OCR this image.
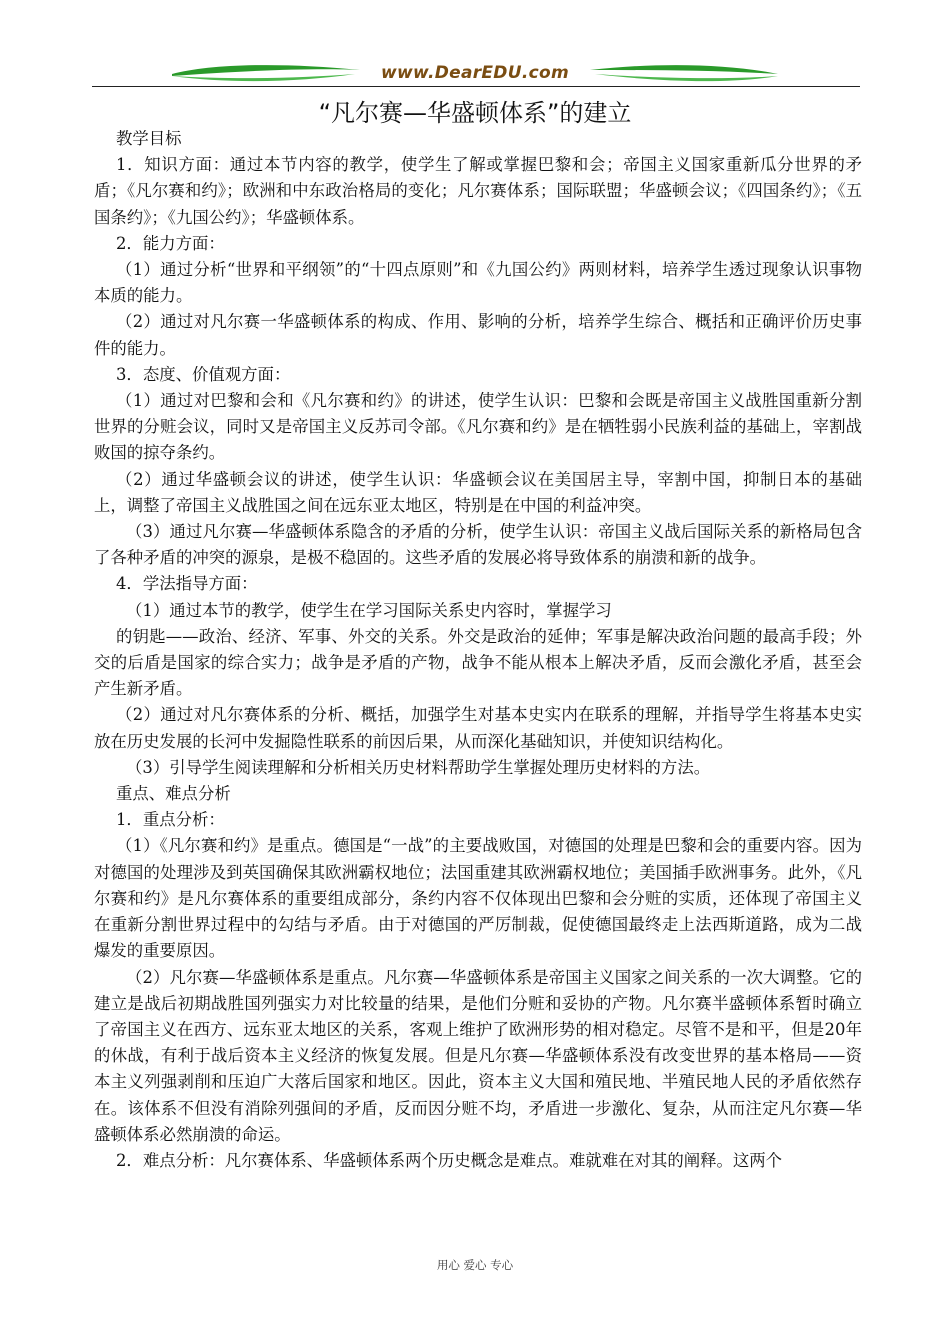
www.DearEDU.com
“凡尔赛—华盛顿体系”的建立

教学目标

1．知识方面：通过本节内容的教学，使学生了解或掌握巴黎和会；帝国主义国家重新瓜分世界的矛盾；《凡尔赛和约》；欧洲和中东政治格局的变化；凡尔赛体系；国际联盟；华盛顿会议；《四国条约》；《五国条约》；《九国公约》；华盛顿体系。

2．能力方面：

（1）通过分析“世界和平纲领”的“十四点原则”和《九国公约》两则材料，培养学生透过现象认识事物本质的能力。

（2）通过对凡尔赛一华盛顿体系的构成、作用、影响的分析，培养学生综合、概括和正确评价历史事件的能力。

3．态度、价值观方面：

（1）通过对巴黎和会和《凡尔赛和约》的讲述，使学生认识：巴黎和会既是帝国主义战胜国重新分割世界的分赃会议，同时又是帝国主义反苏司令部。《凡尔赛和约》是在牺牲弱小民族利益的基础上，宰割战败国的掠夺条约。

（2）通过华盛顿会议的讲述，使学生认识：华盛顿会议在美国居主导，宰割中国，抑制日本的基础上，调整了帝国主义战胜国之间在远东亚太地区，特别是在中国的利益冲突。

（3）通过凡尔赛—华盛顿体系隐含的矛盾的分析，使学生认识：帝国主义战后国际关系的新格局包含了各种矛盾的冲突的源泉，是极不稳固的。这些矛盾的发展必将导致体系的崩溃和新的战争。

4．学法指导方面：

（1）通过本节的教学，使学生在学习国际关系史内容时，掌握学习

的钥匙——政治、经济、军事、外交的关系。外交是政治的延伸；军事是解决政治问题的最高手段；外交的后盾是国家的综合实力；战争是矛盾的产物，战争不能从根本上解决矛盾，反而会激化矛盾，甚至会产生新矛盾。

（2）通过对凡尔赛体系的分析、概括，加强学生对基本史实内在联系的理解，并指导学生将基本史实放在历史发展的长河中发掘隐性联系的前因后果，从而深化基础知识，并使知识结构化。

（3）引导学生阅读理解和分析相关历史材料帮助学生掌握处理历史材料的方法。

重点、难点分析

1．重点分析：

（1）《凡尔赛和约》是重点。德国是“一战”的主要战败国，对德国的处理是巴黎和会的重要内容。因为对德国的处理涉及到英国确保其欧洲霸权地位；法国重建其欧洲霸权地位；美国插手欧洲事务。此外，《凡尔赛和约》是凡尔赛体系的重要组成部分，条约内容不仅体现出巴黎和会分赃的实质，还体现了帝国主义在重新分割世界过程中的勾结与矛盾。由于对德国的严厉制裁，促使德国最终走上法西斯道路，成为二战爆发的重要原因。

（2）凡尔赛—华盛顿体系是重点。凡尔赛—华盛顿体系是帝国主义国家之间关系的一次大调整。它的建立是战后初期战胜国列强实力对比较量的结果，是他们分赃和妥协的产物。凡尔赛半盛顿体系暂时确立了帝国主义在西方、远东亚太地区的关系，客观上维护了欧洲形势的相对稳定。尽管不是和平，但是20年的休战，有利于战后资本主义经济的恢复发展。但是凡尔赛—华盛顿体系没有改变世界的基本格局——资本主义列强剥削和压迫广大落后国家和地区。因此，资本主义大国和殖民地、半殖民地人民的矛盾依然存在。该体系不但没有消除列强间的矛盾，反而因分赃不均，矛盾进一步激化、复杂，从而注定凡尔赛—华盛顿体系必然崩溃的命运。

2．难点分析：凡尔赛体系、华盛顿体系两个历史概念是难点。难就难在对其的阐释。这两个

用心 爱心 专心
